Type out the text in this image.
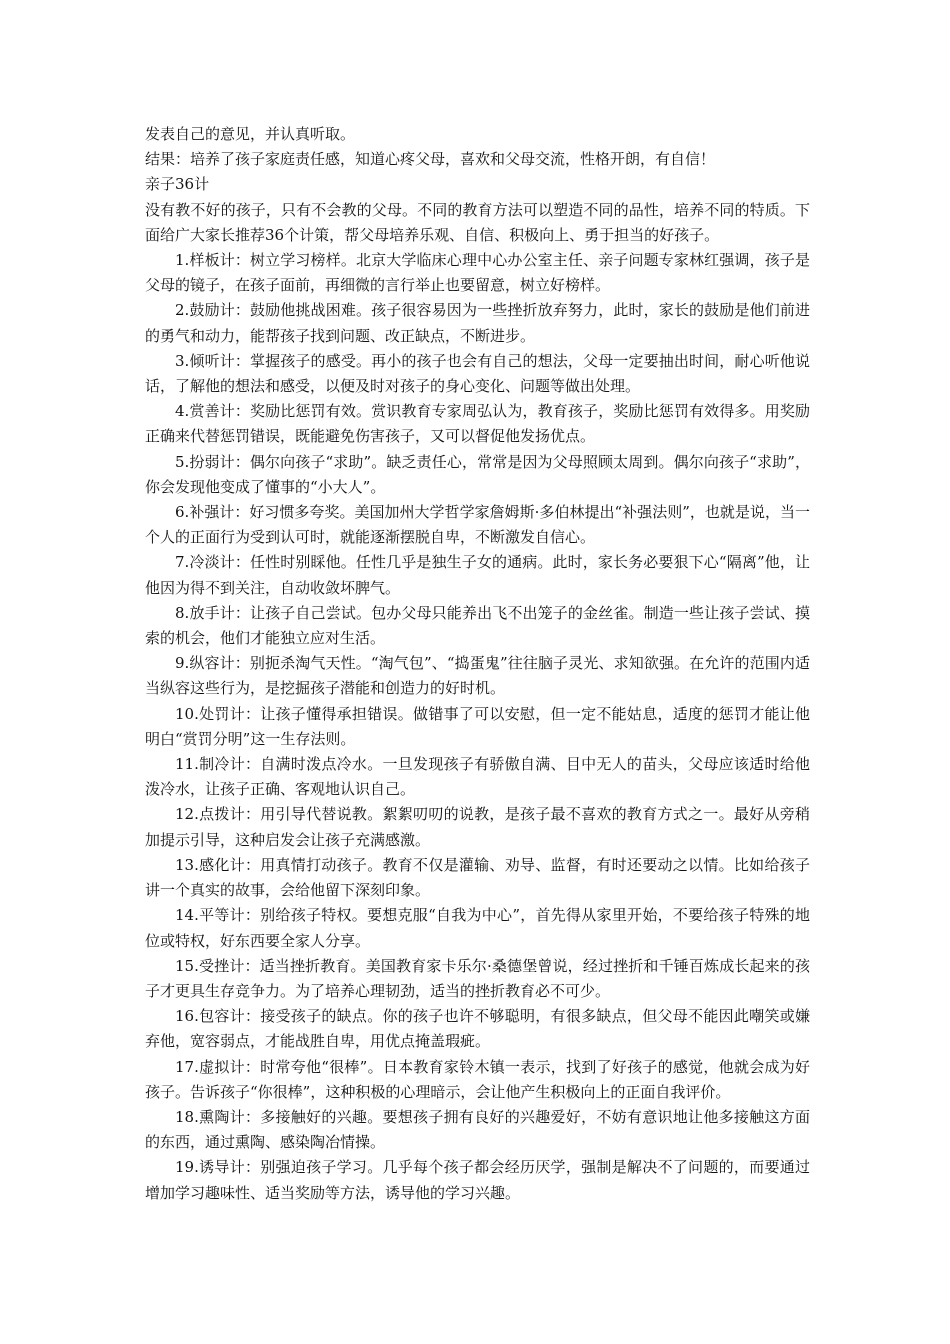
发表自己的意见，并认真听取。

结果：培养了孩子家庭责任感，知道心疼父母，喜欢和父母交流，性格开朗，有自信！

亲子36计

没有教不好的孩子，只有不会教的父母。不同的教育方法可以塑造不同的品性，培养不同的特质。下面给广大家长推荐36个计策，帮父母培养乐观、自信、积极向上、勇于担当的好孩子。

1.样板计：树立学习榜样。北京大学临床心理中心办公室主任、亲子问题专家林红强调，孩子是父母的镜子，在孩子面前，再细微的言行举止也要留意，树立好榜样。

2.鼓励计：鼓励他挑战困难。孩子很容易因为一些挫折放弃努力，此时，家长的鼓励是他们前进的勇气和动力，能帮孩子找到问题、改正缺点，不断进步。

3.倾听计：掌握孩子的感受。再小的孩子也会有自己的想法，父母一定要抽出时间，耐心听他说话，了解他的想法和感受，以便及时对孩子的身心变化、问题等做出处理。

4.赏善计：奖励比惩罚有效。赏识教育专家周弘认为，教育孩子，奖励比惩罚有效得多。用奖励正确来代替惩罚错误，既能避免伤害孩子，又可以督促他发扬优点。

5.扮弱计：偶尔向孩子“求助”。缺乏责任心，常常是因为父母照顾太周到。偶尔向孩子“求助”，你会发现他变成了懂事的“小大人”。

6.补强计：好习惯多夸奖。美国加州大学哲学家詹姆斯·多伯林提出“补强法则”，也就是说，当一个人的正面行为受到认可时，就能逐渐摆脱自卑，不断激发自信心。

7.冷淡计：任性时别睬他。任性几乎是独生子女的通病。此时，家长务必要狠下心“隔离”他，让他因为得不到关注，自动收敛坏脾气。

8.放手计：让孩子自己尝试。包办父母只能养出飞不出笼子的金丝雀。制造一些让孩子尝试、摸索的机会，他们才能独立应对生活。

9.纵容计：别扼杀淘气天性。“淘气包”、“捣蛋鬼”往往脑子灵光、求知欲强。在允许的范围内适当纵容这些行为，是挖掘孩子潜能和创造力的好时机。

10.处罚计：让孩子懂得承担错误。做错事了可以安慰，但一定不能姑息，适度的惩罚才能让他明白“赏罚分明”这一生存法则。

11.制冷计：自满时泼点冷水。一旦发现孩子有骄傲自满、目中无人的苗头，父母应该适时给他泼冷水，让孩子正确、客观地认识自己。

12.点拨计：用引导代替说教。絮絮叨叨的说教，是孩子最不喜欢的教育方式之一。最好从旁稍加提示引导，这种启发会让孩子充满感激。

13.感化计：用真情打动孩子。教育不仅是灌输、劝导、监督，有时还要动之以情。比如给孩子讲一个真实的故事，会给他留下深刻印象。

14.平等计：别给孩子特权。要想克服“自我为中心”，首先得从家里开始，不要给孩子特殊的地位或特权，好东西要全家人分享。

15.受挫计：适当挫折教育。美国教育家卡乐尔·桑德堡曾说，经过挫折和千锤百炼成长起来的孩子才更具生存竞争力。为了培养心理韧劲，适当的挫折教育必不可少。

16.包容计：接受孩子的缺点。你的孩子也许不够聪明，有很多缺点，但父母不能因此嘲笑或嫌弃他，宽容弱点，才能战胜自卑，用优点掩盖瑕疵。

17.虚拟计：时常夸他“很棒”。日本教育家铃木镇一表示，找到了好孩子的感觉，他就会成为好孩子。告诉孩子“你很棒”，这种积极的心理暗示，会让他产生积极向上的正面自我评价。

18.熏陶计：多接触好的兴趣。要想孩子拥有良好的兴趣爱好，不妨有意识地让他多接触这方面的东西，通过熏陶、感染陶冶情操。

19.诱导计：别强迫孩子学习。几乎每个孩子都会经历厌学，强制是解决不了问题的，而要通过增加学习趣味性、适当奖励等方法，诱导他的学习兴趣。
